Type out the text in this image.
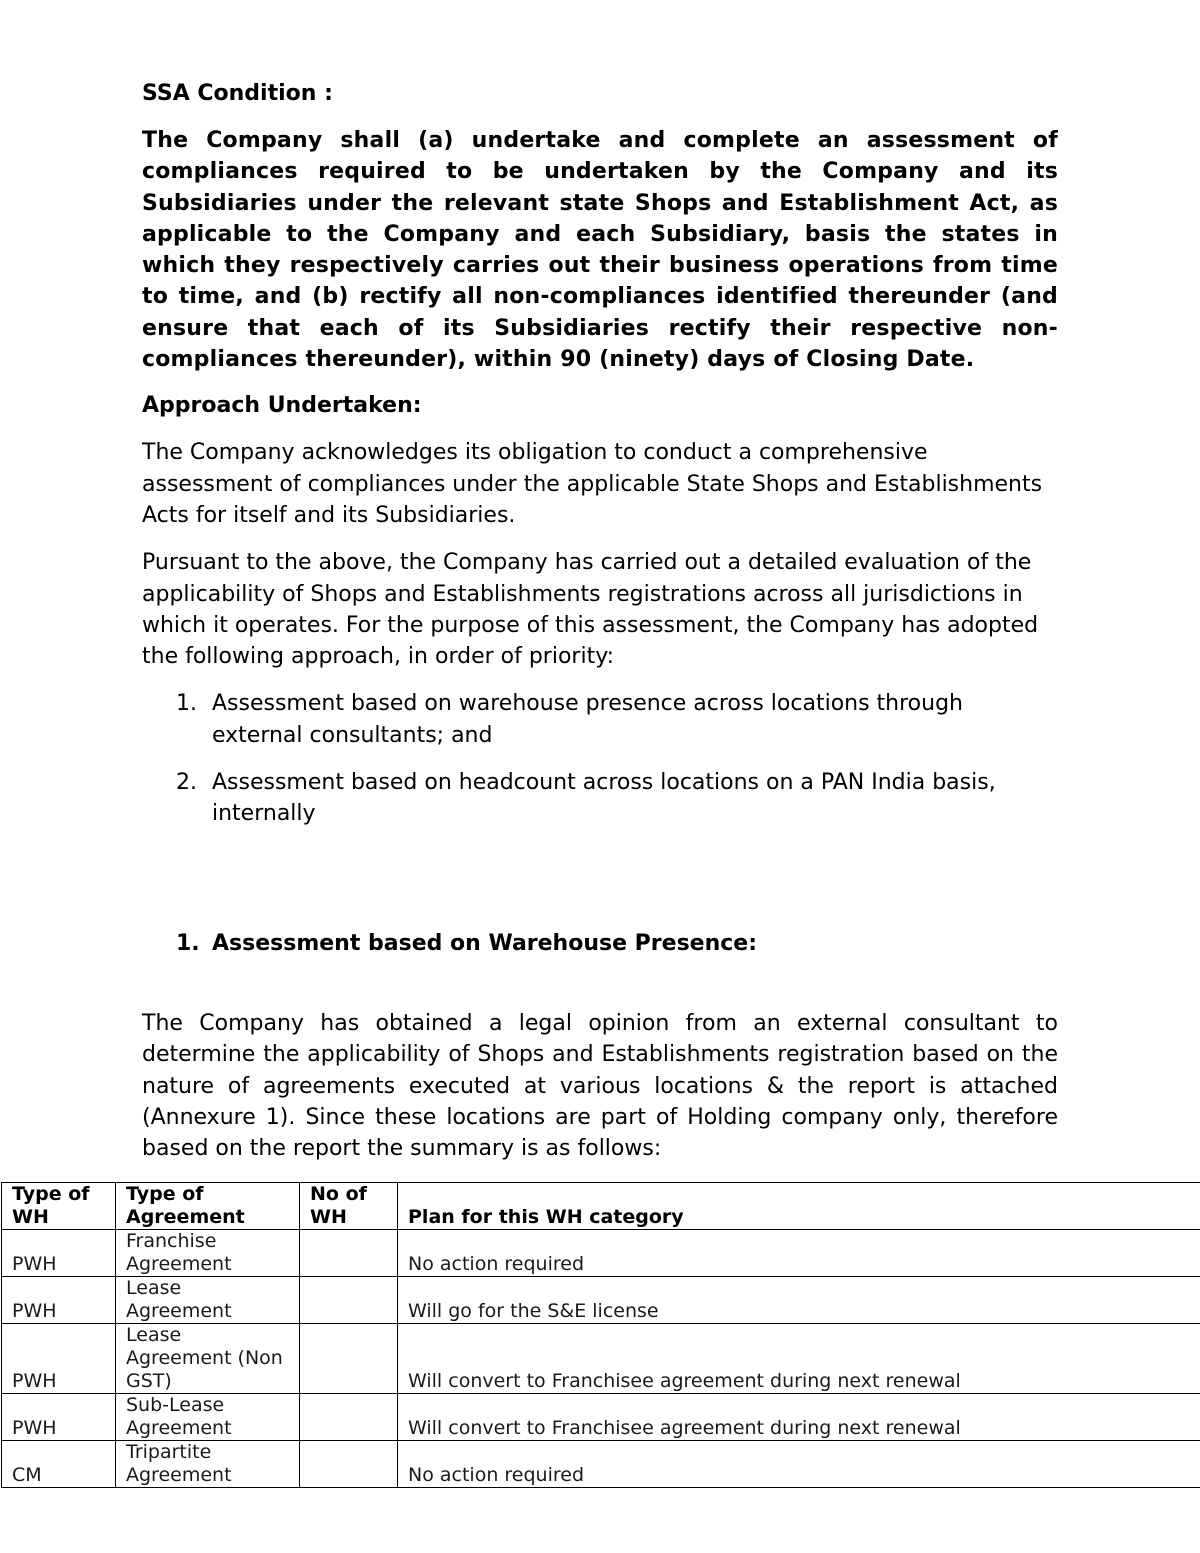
SSA Condition :

The Company shall (a) undertake and complete an assessment of compliances required to be undertaken by the Company and its Subsidiaries under the relevant state Shops and Establishment Act, as applicable to the Company and each Subsidiary, basis the states in which they respectively carries out their business operations from time to time, and (b) rectify all non-compliances identified thereunder (and ensure that each of its Subsidiaries rectify their respective non-compliances thereunder), within 90 (ninety) days of Closing Date.

Approach Undertaken:

The Company acknowledges its obligation to conduct a comprehensive assessment of compliances under the applicable State Shops and Establishments Acts for itself and its Subsidiaries.

Pursuant to the above, the Company has carried out a detailed evaluation of the applicability of Shops and Establishments registrations across all jurisdictions in which it operates. For the purpose of this assessment, the Company has adopted the following approach, in order of priority:

1. Assessment based on warehouse presence across locations through external consultants; and
2. Assessment based on headcount across locations on a PAN India basis, internally

1. Assessment based on Warehouse Presence:

The Company has obtained a legal opinion from an external consultant to determine the applicability of Shops and Establishments registration based on the nature of agreements executed at various locations & the report is attached (Annexure 1). Since these locations are part of Holding company only, therefore based on the report the summary is as follows:

Type of WH	Type of Agreement	No of WH	Plan for this WH category
PWH	Franchise Agreement		No action required
PWH	Lease Agreement		Will go for the S&E license
PWH	Lease Agreement (Non GST)		Will convert to Franchisee agreement during next renewal
PWH	Sub-Lease Agreement		Will convert to Franchisee agreement during next renewal
CM	Tripartite Agreement		No action required
